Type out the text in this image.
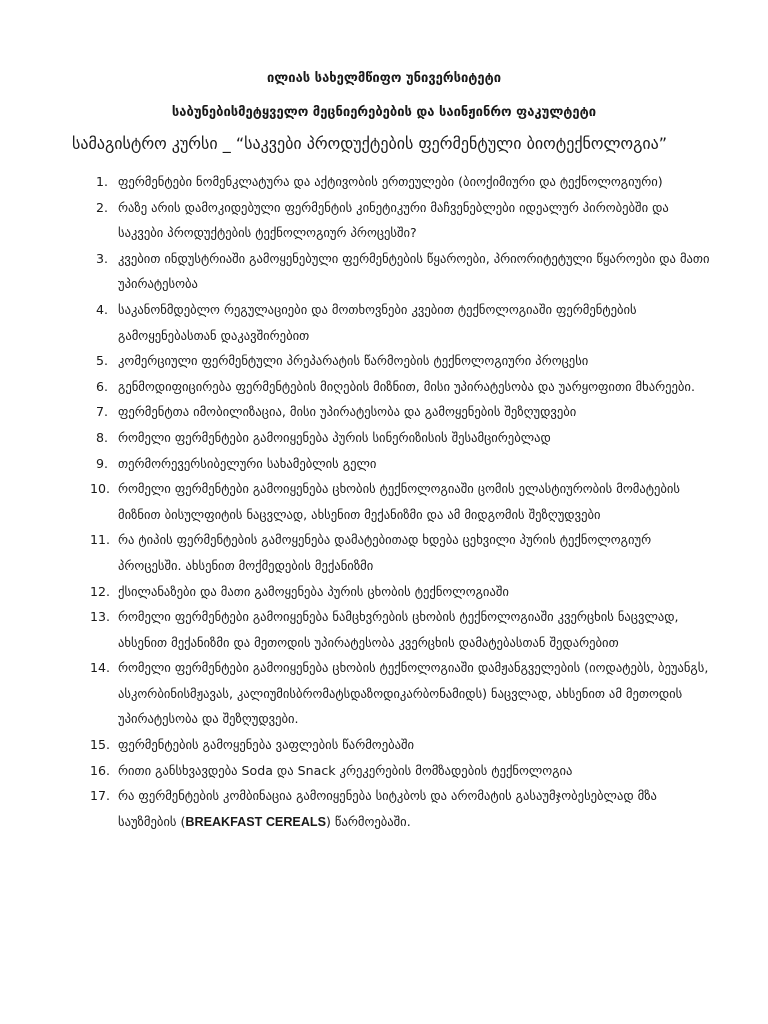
ილიას სახელმწიფო უნივერსიტეტი
საბუნებისმეტყველო მეცნიერებების და საინჟინრო ფაკულტეტი
სამაგისტრო კურსი _ “საკვები პროდუქტების ფერმენტული ბიოტექნოლოგია”
1. ფერმენტები ნომენკლატურა და აქტივობის ერთეულები (ბიოქიმიური და ტექნოლოგიური)
2. რაზე არის დამოკიდებული ფერმენტის კინეტიკური მაჩვენებლები იდეალურ პირობებში და საკვები პროდუქტების ტექნოლოგიურ პროცესში?
3. კვებით ინდუსტრიაში გამოყენებული ფერმენტების წყაროები, პრიორიტეტული წყაროები და მათი უპირატესობა
4. საკანონმდებლო რეგულაციები და მოთხოვნები კვებით ტექნოლოგიაში ფერმენტების გამოყენებასთან დაკავშირებით
5. კომერციული ფერმენტული პრეპარატის წარმოების ტექნოლოგიური პროცესი
6. გენმოდიფიცირება ფერმენტების მიღების მიზნით, მისი უპირატესობა და უარყოფითი მხარეები.
7. ფერმენტთა იმობილიზაცია, მისი უპირატესობა და გამოყენების შეზღუდვები
8. რომელი ფერმენტები გამოიყენება პურის სინერიზისის შესამცირებლად
9. თერმორევერსიბელური სახამებლის გელი
10. რომელი ფერმენტები გამოიყენება ცხობის ტექნოლოგიაში ცომის ელასტიურობის მომატების მიზნით ბისულფიტის ნაცვლად, ახსენით მექანიზმი და ამ მიდგომის შეზღუდვები
11. რა ტიპის ფერმენტების გამოყენება დამატებითად ხდება ცეხვილი პურის ტექნოლოგიურ პროცესში. ახსენით მოქმედების მექანიზმი
12. ქსილანაზები და მათი გამოყენება პურის ცხობის ტექნოლოგიაში
13. რომელი ფერმენტები გამოიყენება ნამცხვრების ცხობის ტექნოლოგიაში კვერცხის ნაცვლად, ახსენით მექანიზმი და მეთოდის უპირატესობა კვერცხის დამატებასთან შედარებით
14. რომელი ფერმენტები გამოიყენება ცხობის ტექნოლოგიაში დამჟანგველების (იოდატებს, ბეუანგს, ასკორბინისმჟავას, კალიუმისბრომატსდაზოდიკარბონამიდს) ნაცვლად, ახსენით ამ მეთოდის უპირატესობა და შეზღუდვები.
15. ფერმენტების გამოყენება ვაფლების წარმოებაში
16. რითი განსხვავდება Soda და Snack კრეკერების მომზადების ტექნოლოგია
17. რა ფერმენტების კომბინაცია გამოიყენება სიტკბოს და არომატის გასაუმჯობესებლად მზა საუზმების (BREAKFAST CEREALS) წარმოებაში.
